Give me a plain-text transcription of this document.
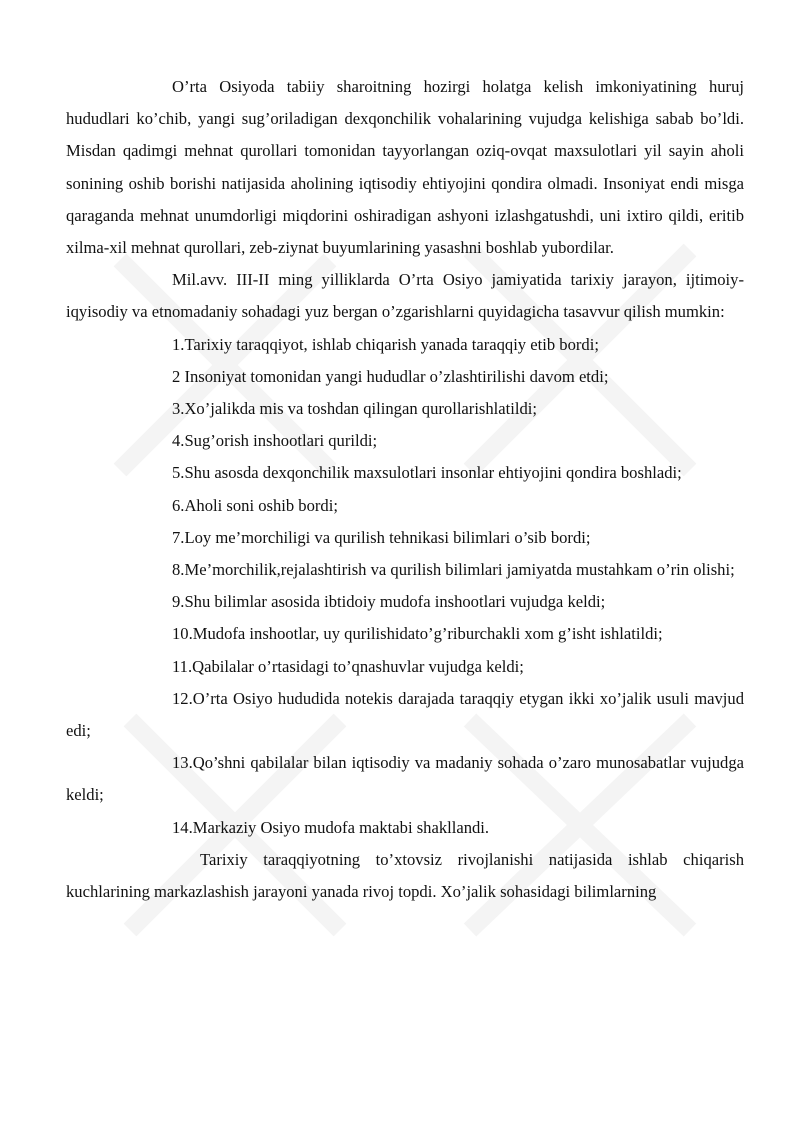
O’rta Osiyoda tabiiy sharoitning hozirgi holatga kelish imkoniyatining huruj hududlari ko’chib, yangi sug’oriladigan dexqonchilik vohalarining vujudga kelishiga sabab bo’ldi. Misdan qadimgi mehnat qurollari tomonidan tayyorlangan oziq-ovqat maxsulotlari yil sayin aholi sonining oshib borishi natijasida aholining iqtisodiy ehtiyojini qondira olmadi. Insoniyat endi misga qaraganda mehnat unumdorligi miqdorini oshiradigan ashyoni izlashgatushdi, uni ixtiro qildi, eritib xilma-xil mehnat qurollari, zeb-ziynat buyumlarining yasashni boshlab yubordilar.

Mil.avv. III-II ming yilliklarda O’rta Osiyo jamiyatida tarixiy jarayon, ijtimoiy-iqyisodiy va etnomadaniy sohadagi yuz bergan o’zgarishlarni quyidagicha tasavvur qilish mumkin:

1.Tarixiy taraqqiyot, ishlab chiqarish yanada taraqqiy etib bordi;

2 Insoniyat tomonidan yangi hududlar o’zlashtirilishi davom etdi;

3.Xo’jalikda mis va toshdan qilingan qurollarishlatildi;

4.Sug’orish inshootlari qurildi;

5.Shu asosda dexqonchilik maxsulotlari insonlar ehtiyojini qondira boshladi;

6.Aholi soni oshib bordi;

7.Loy me’morchiligi va qurilish tehnikasi bilimlari o’sib bordi;

8.Me’morchilik,rejalashtirish va qurilish bilimlari jamiyatda mustahkam o’rin olishi;

9.Shu bilimlar asosida ibtidoiy mudofa inshootlari vujudga keldi;

10.Mudofa inshootlar, uy qurilishidato’g’riburchakli xom g’isht ishlatildi;

11.Qabilalar o’rtasidagi to’qnashuvlar vujudga keldi;

12.O’rta Osiyo hududida notekis darajada taraqqiy etygan ikki xo’jalik usuli mavjud edi;

13.Qo’shni qabilalar bilan iqtisodiy va madaniy sohada o’zaro munosabatlar vujudga keldi;

14.Markaziy Osiyo mudofa maktabi shakllandi.

Tarixiy taraqqiyotning to’xtovsiz rivojlanishi natijasida ishlab chiqarish kuchlarining markazlashish jarayoni yanada rivoj topdi. Xo’jalik sohasidagi bilimlarning
